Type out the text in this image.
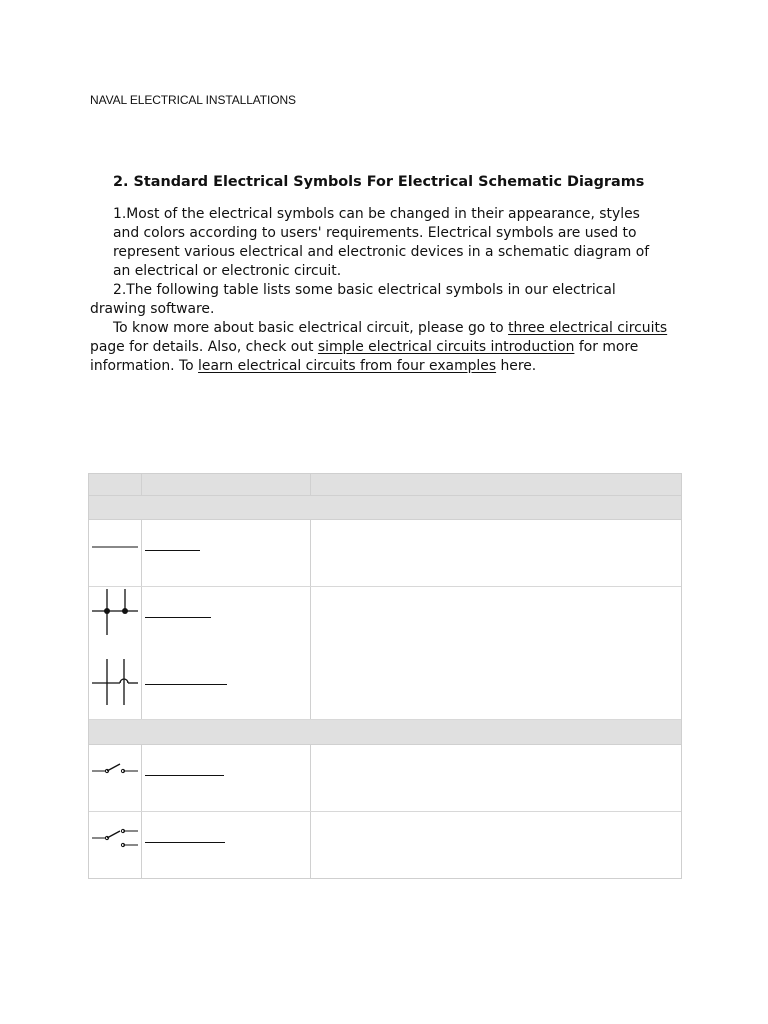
NAVAL ELECTRICAL INSTALLATIONS
2. Standard Electrical Symbols For Electrical Schematic Diagrams

1.Most of the electrical symbols can be changed in their appearance, styles and colors according to users' requirements. Electrical symbols are used to represent various electrical and electronic devices in a schematic diagram of an electrical or electronic circuit.

2.The following table lists some basic electrical symbols in our electrical drawing software.

To know more about basic electrical circuit, please go to three electrical circuits page for details. Also, check out simple electrical circuits introduction for more information. To learn electrical circuits from four examples here.
